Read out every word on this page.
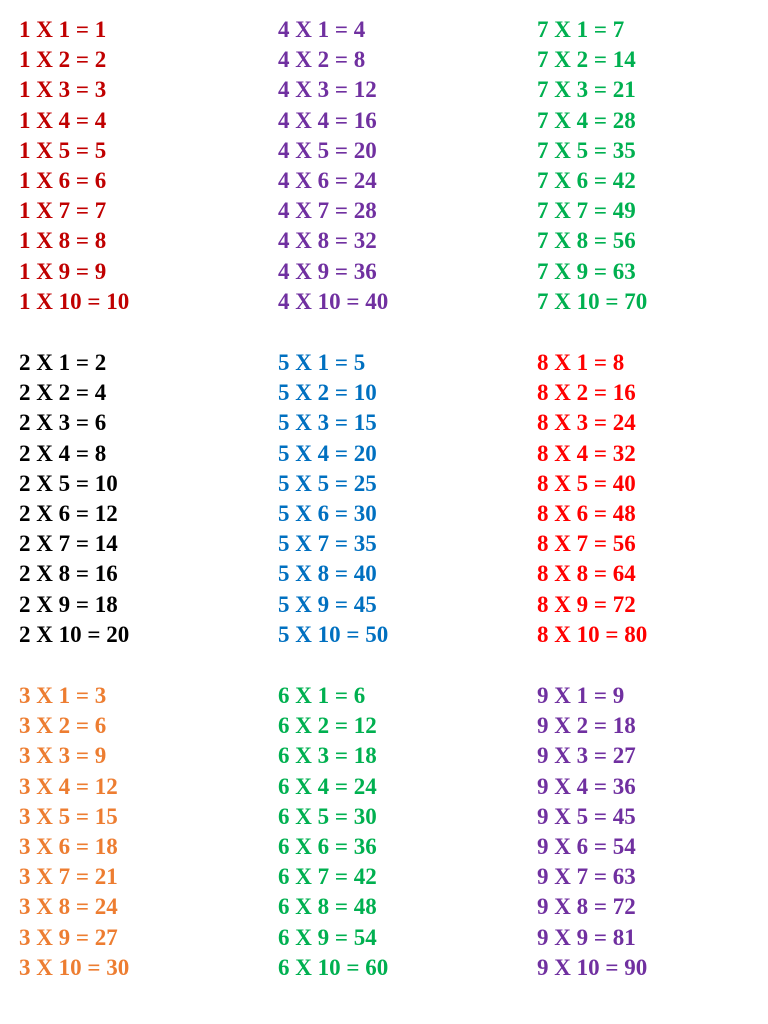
1 X 1 = 1
1 X 2 = 2
1 X 3 = 3
1 X 4 = 4
1 X 5 = 5
1 X 6 = 6
1 X 7 = 7
1 X 8 = 8
1 X 9 = 9
1 X 10 = 10
2 X 1 = 2
2 X 2 = 4
2 X 3 = 6
2 X 4 = 8
2 X 5 = 10
2 X 6 = 12
2 X 7 = 14
2 X 8 = 16
2 X 9 = 18
2 X 10 = 20
3 X 1 = 3
3 X 2 = 6
3 X 3 = 9
3 X 4 = 12
3 X 5 = 15
3 X 6 = 18
3 X 7 = 21
3 X 8 = 24
3 X 9 = 27
3 X 10 = 30
4 X 1 = 4
4 X 2 = 8
4 X 3 = 12
4 X 4 = 16
4 X 5 = 20
4 X 6 = 24
4 X 7 = 28
4 X 8 = 32
4 X 9 = 36
4 X 10 = 40
5 X 1 = 5
5 X 2 = 10
5 X 3 = 15
5 X 4 = 20
5 X 5 = 25
5 X 6 = 30
5 X 7 = 35
5 X 8 = 40
5 X 9 = 45
5 X 10 = 50
6 X 1 = 6
6 X 2 = 12
6 X 3 = 18
6 X 4 = 24
6 X 5 = 30
6 X 6 = 36
6 X 7 = 42
6 X 8 = 48
6 X 9 = 54
6 X 10 = 60
7 X 1 = 7
7 X 2 = 14
7 X 3 = 21
7 X 4 = 28
7 X 5 = 35
7 X 6 = 42
7 X 7 = 49
7 X 8 = 56
7 X 9 = 63
7 X 10 = 70
8 X 1 = 8
8 X 2 = 16
8 X 3 = 24
8 X 4 = 32
8 X 5 = 40
8 X 6 = 48
8 X 7 = 56
8 X 8 = 64
8 X 9 = 72
8 X 10 = 80
9 X 1 = 9
9 X 2 = 18
9 X 3 = 27
9 X 4 = 36
9 X 5 = 45
9 X 6 = 54
9 X 7 = 63
9 X 8 = 72
9 X 9 = 81
9 X 10 = 90
